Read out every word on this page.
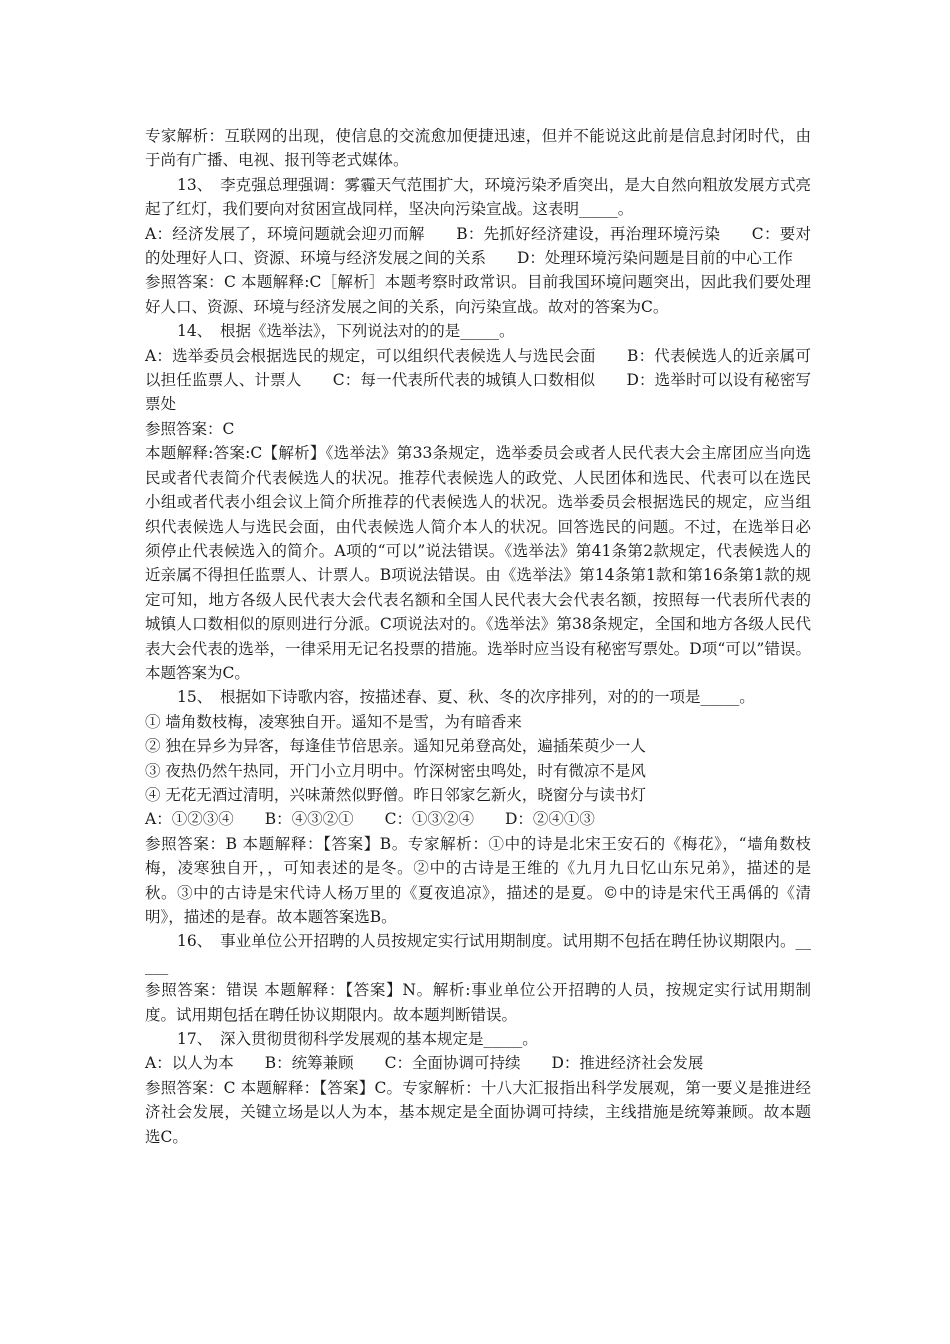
专家解析：互联网的出现，使信息的交流愈加便捷迅速，但并不能说这此前是信息封闭时代，由于尚有广播、电视、报刊等老式媒体。

13、　李克强总理强调：雾霾天气范围扩大，环境污染矛盾突出，是大自然向粗放发展方式亮起了红灯，我们要向对贫困宣战同样，坚决向污染宣战。这表明_____。

A：经济发展了，环境问题就会迎刃而解　　B：先抓好经济建设，再治理环境污染　　C：要对的处理好人口、资源、环境与经济发展之间的关系　　D：处理环境污染问题是目前的中心工作

参照答案：C 本题解释:C［解析］本题考察时政常识。目前我国环境问题突出，因此我们要处理好人口、资源、环境与经济发展之间的关系，向污染宣战。故对的答案为C。

14、　根据《选举法》，下列说法对的的是_____。

A：选举委员会根据选民的规定，可以组织代表候选人与选民会面　　B：代表候选人的近亲属可以担任监票人、计票人　　C：每一代表所代表的城镇人口数相似　　D：选举时可以设有秘密写票处

参照答案：C

本题解释:答案:C【解析】《选举法》第33条规定，选举委员会或者人民代表大会主席团应当向选民或者代表简介代表候选人的状况。推荐代表候选人的政党、人民团体和选民、代表可以在选民小组或者代表小组会议上简介所推荐的代表候选人的状况。选举委员会根据选民的规定，应当组织代表候选人与选民会面，由代表候选人简介本人的状况。回答选民的问题。不过，在选举日必须停止代表候选入的简介。A项的“可以”说法错误。《选举法》第41条第2款规定，代表候选人的近亲属不得担任监票人、计票人。B项说法错误。由《选举法》第14条第1款和第16条第1款的规定可知，地方各级人民代表大会代表名额和全国人民代表大会代表名额，按照每一代表所代表的城镇人口数相似的原则进行分派。C项说法对的。《选举法》第38条规定，全国和地方各级人民代表大会代表的选举，一律采用无记名投票的措施。选举时应当设有秘密写票处。D项“可以”错误。本题答案为C。

15、　根据如下诗歌内容，按描述春、夏、秋、冬的次序排列，对的的一项是_____。

① 墙角数枝梅，凌寒独自开。遥知不是雪，为有暗香来

② 独在异乡为异客，每逢佳节倍思亲。遥知兄弟登高处，遍插茱萸少一人

③ 夜热仍然午热同，开门小立月明中。竹深树密虫鸣处，时有微凉不是风

④ 无花无酒过清明，兴味萧然似野僧。昨日邻家乞新火，晓窗分与读书灯

A：①②③④　　B：④③②①　　C：①③②④　　D：②④①③

参照答案：B 本题解释：【答案】B。专家解析：①中的诗是北宋王安石的《梅花》，“墙角数枝梅，凌寒独自开，，可知表述的是冬。②中的古诗是王维的《九月九日忆山东兄弟》，描述的是秋。③中的古诗是宋代诗人杨万里的《夏夜追凉》，描述的是夏。©中的诗是宋代王禹偁的《清明》，描述的是春。故本题答案选B。

16、　事业单位公开招聘的人员按规定实行试用期制度。试用期不包括在聘任协议期限内。_____

参照答案：错误 本题解释：【答案】N。解析:事业单位公开招聘的人员，按规定实行试用期制度。试用期包括在聘任协议期限内。故本题判断错误。

17、　深入贯彻贯彻科学发展观的基本规定是_____。

A：以人为本　　B：统筹兼顾　　C：全面协调可持续　　D：推进经济社会发展

参照答案：C 本题解释：【答案】C。专家解析：十八大汇报指出科学发展观，第一要义是推进经济社会发展，关键立场是以人为本，基本规定是全面协调可持续，主线措施是统筹兼顾。故本题选C。
